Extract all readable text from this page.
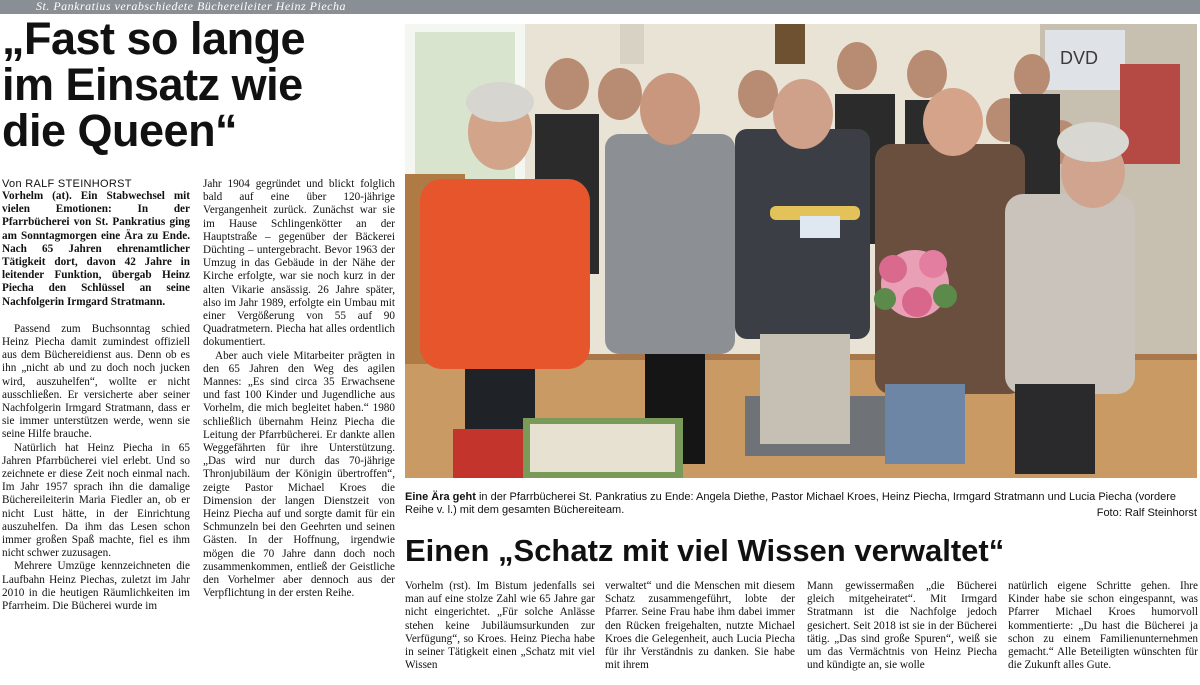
St. Pankratius verabschiedete Büchereileiter Heinz Piecha
„Fast so lange
im Einsatz wie
die Queen“
Von RALF STEINHORST

Vorhelm (at). Ein Stabwechsel mit vielen Emotionen: In der Pfarrbücherei von St. Pankratius ging am Sonntagmorgen eine Ära zu Ende. Nach 65 Jahren ehrenamtlicher Tätigkeit dort, davon 42 Jahre in leitender Funktion, übergab Heinz Piecha den Schlüssel an seine Nachfolgerin Irmgard Stratmann.

Passend zum Buchsonntag schied Heinz Piecha damit zumindest offiziell aus dem Büchereidienst aus. Denn ob es ihn „nicht ab und zu doch noch jucken wird, auszuhelfen“, wollte er nicht ausschließen. Er versicherte aber seiner Nachfolgerin Irmgard Stratmann, dass er sie immer unterstützen werde, wenn sie seine Hilfe brauche.

Natürlich hat Heinz Piecha in 65 Jahren Pfarrbücherei viel erlebt. Und so zeichnete er diese Zeit noch einmal nach. Im Jahr 1957 sprach ihn die damalige Büchereileiterin Maria Fiedler an, ob er nicht Lust hätte, in der Einrichtung auszuhelfen. Da ihm das Lesen schon immer großen Spaß machte, fiel es ihm nicht schwer zuzusagen.

Mehrere Umzüge kennzeichneten die Laufbahn Heinz Piechas, zuletzt im Jahr 2010 in die heutigen Räumlichkeiten im Pfarrheim. Die Bücherei wurde im

Jahr 1904 gegründet und blickt folglich bald auf eine über 120-jährige Vergangenheit zurück. Zunächst war sie im Hause Schlingenkötter an der Hauptstraße – gegenüber der Bäckerei Düchting – untergebracht. Bevor 1963 der Umzug in das Gebäude in der Nähe der Kirche erfolgte, war sie noch kurz in der alten Vikarie ansässig. 26 Jahre später, also im Jahr 1989, erfolgte ein Umbau mit einer Vergößerung von 55 auf 90 Quadratmetern. Piecha hat alles ordentlich dokumentiert.

Aber auch viele Mitarbeiter prägten in den 65 Jahren den Weg des agilen Mannes: „Es sind circa 35 Erwachsene und fast 100 Kinder und Jugendliche aus Vorhelm, die mich begleitet haben.“ 1980 schließlich übernahm Heinz Piecha die Leitung der Pfarrbücherei. Er dankte allen Weggefährten für ihre Unterstützung. „Das wird nur durch das 70-jährige Thronjubiläum der Königin übertroffen“, zeigte Pastor Michael Kroes die Dimension der langen Dienstzeit von Heinz Piecha auf und sorgte damit für ein Schmunzeln bei den Geehrten und seinen Gästen. In der Hoffnung, irgendwie mögen die 70 Jahre dann doch noch zusammenkommen, entließ der Geistliche den Vorhelmer aber dennoch aus der Verpflichtung in der ersten Reihe.

DVD
Eine Ära geht in der Pfarrbücherei St. Pankratius zu Ende: Angela Diethe, Pastor Michael Kroes, Heinz Piecha, Irmgard Stratmann und Lucia Piecha (vordere Reihe v. l.) mit dem gesamten Büchereiteam.	Foto: Ralf Steinhorst
Einen „Schatz mit viel Wissen verwaltet“

Vorhelm (rst). Im Bistum jedenfalls sei man auf eine stolze Zahl wie 65 Jahre gar nicht eingerichtet. „Für solche Anlässe stehen keine Jubiläumsurkunden zur Verfügung“, so Kroes. Heinz Piecha habe in seiner Tätigkeit einen „Schatz mit viel Wissen

verwaltet“ und die Menschen mit diesem Schatz zusammengeführt, lobte der Pfarrer. Seine Frau habe ihm dabei immer den Rücken freigehalten, nutzte Michael Kroes die Gelegenheit, auch Lucia Piecha für ihr Verständnis zu danken. Sie habe mit ihrem

Mann gewissermaßen „die Bücherei gleich mitgeheiratet“. Mit Irmgard Stratmann ist die Nachfolge jedoch gesichert. Seit 2018 ist sie in der Bücherei tätig. „Das sind große Spuren“, weiß sie um das Vermächtnis von Heinz Piecha und kündigte an, sie wolle

natürlich eigene Schritte gehen. Ihre Kinder habe sie schon eingespannt, was Pfarrer Michael Kroes humorvoll kommentierte: „Du hast die Bücherei ja schon zu einem Familienunternehmen gemacht.“ Alle Beteiligten wünschten für die Zukunft alles Gute.
